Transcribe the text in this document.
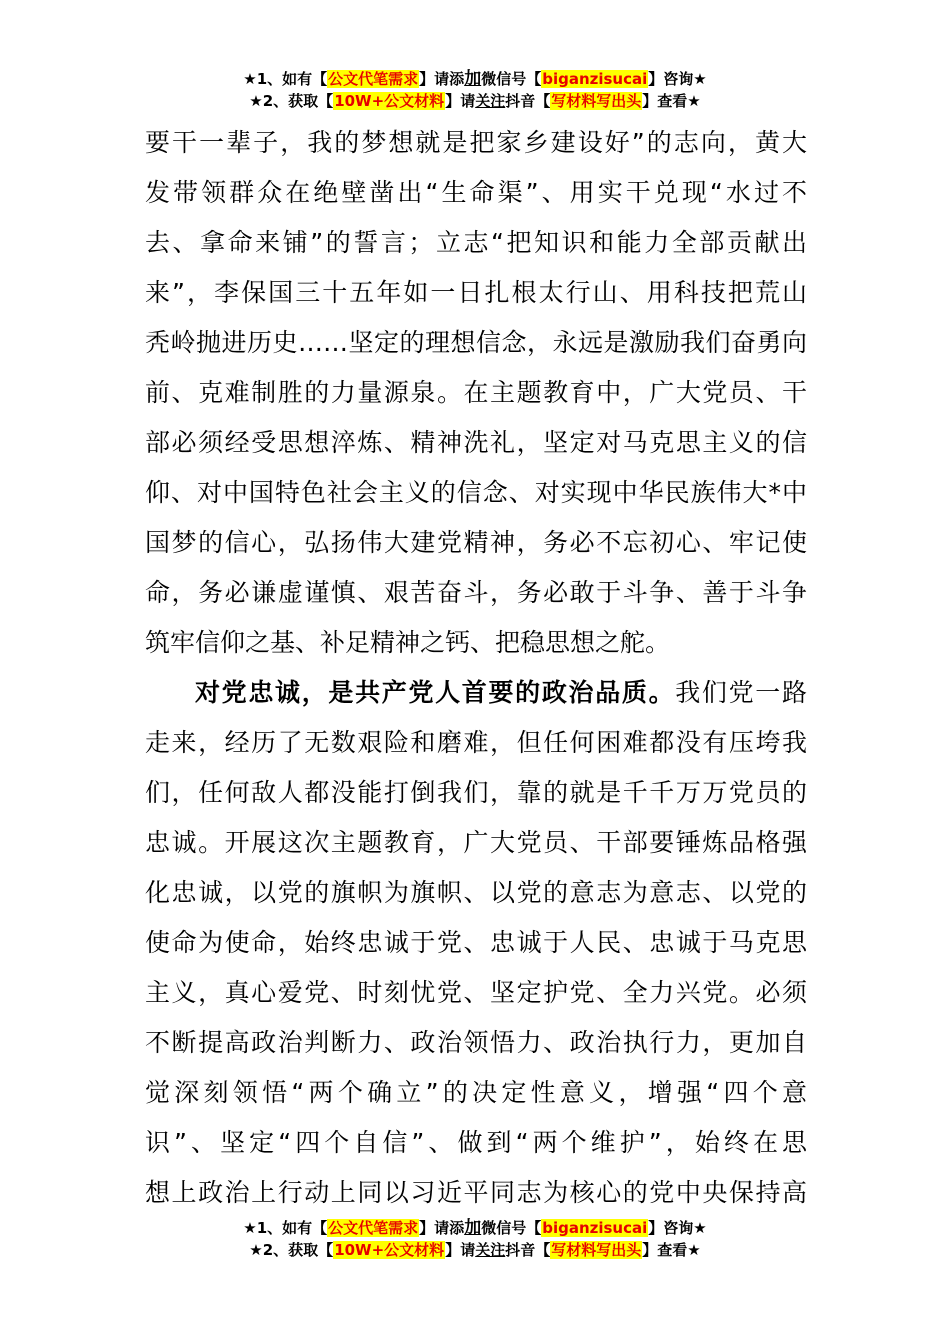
★1、如有【公文代笔需求】请添加微信号【biganzisucai】咨询★
★2、获取【10W+公文材料】请关注抖音【写材料写出头】查看★
要干一辈子，我的梦想就是把家乡建设好”的志向，黄大
发带领群众在绝壁凿出“生命渠”、用实干兑现“水过不
去、拿命来铺”的誓言；立志“把知识和能力全部贡献出
来”，李保国三十五年如一日扎根太行山、用科技把荒山
秃岭抛进历史……坚定的理想信念，永远是激励我们奋勇向
前、克难制胜的力量源泉。在主题教育中，广大党员、干
部必须经受思想淬炼、精神洗礼，坚定对马克思主义的信
仰、对中国特色社会主义的信念、对实现中华民族伟大*中
国梦的信心，弘扬伟大建党精神，务必不忘初心、牢记使
命，务必谦虚谨慎、艰苦奋斗，务必敢于斗争、善于斗争
筑牢信仰之基、补足精神之钙、把稳思想之舵。
对党忠诚，是共产党人首要的政治品质。我们党一路
走来，经历了无数艰险和磨难，但任何困难都没有压垮我
们，任何敌人都没能打倒我们，靠的就是千千万万党员的
忠诚。开展这次主题教育，广大党员、干部要锤炼品格强
化忠诚，以党的旗帜为旗帜、以党的意志为意志、以党的
使命为使命，始终忠诚于党、忠诚于人民、忠诚于马克思
主义，真心爱党、时刻忧党、坚定护党、全力兴党。必须
不断提高政治判断力、政治领悟力、政治执行力，更加自
觉深刻领悟“两个确立”的决定性意义，增强“四个意
识”、坚定“四个自信”、做到“两个维护”，始终在思
想上政治上行动上同以习近平同志为核心的党中央保持高
★1、如有【公文代笔需求】请添加微信号【biganzisucai】咨询★
★2、获取【10W+公文材料】请关注抖音【写材料写出头】查看★
